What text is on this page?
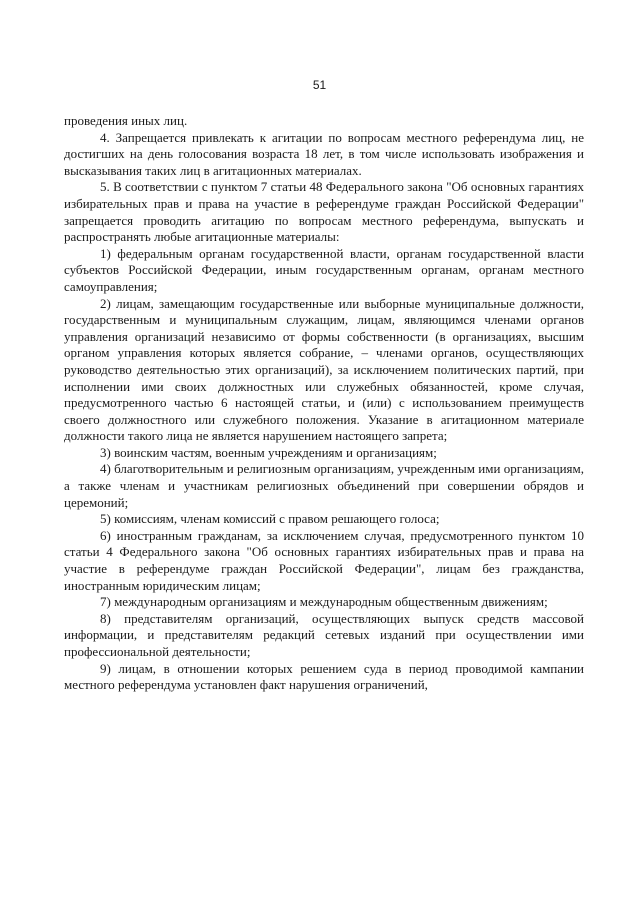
51

проведения иных лиц.

4. Запрещается привлекать к агитации по вопросам местного референдума лиц, не достигших на день голосования возраста 18 лет, в том числе использовать изображения и высказывания таких лиц в агитационных материалах.

5. В соответствии с пунктом 7 статьи 48 Федерального закона "Об основных гарантиях избирательных прав и права на участие в референдуме граждан Российской Федерации" запрещается проводить агитацию по вопросам местного референдума, выпускать и распространять любые агитационные материалы:

1) федеральным органам государственной власти, органам государственной власти субъектов Российской Федерации, иным государственным органам, органам местного самоуправления;

2) лицам, замещающим государственные или выборные муниципальные должности, государственным и муниципальным служащим, лицам, являющимся членами органов управления организаций независимо от формы собственности (в организациях, высшим органом управления которых является собрание, – членами органов, осуществляющих руководство деятельностью этих организаций), за исключением политических партий, при исполнении ими своих должностных или служебных обязанностей, кроме случая, предусмотренного частью 6 настоящей статьи, и (или) с использованием преимуществ своего должностного или служебного положения. Указание в агитационном материале должности такого лица не является нарушением настоящего запрета;

3) воинским частям, военным учреждениям и организациям;

4) благотворительным и религиозным организациям, учрежденным ими организациям, а также членам и участникам религиозных объединений при совершении обрядов и церемоний;

5) комиссиям, членам комиссий с правом решающего голоса;

6) иностранным гражданам, за исключением случая, предусмотренного пунктом 10 статьи 4 Федерального закона "Об основных гарантиях избирательных прав и права на участие в референдуме граждан Российской Федерации", лицам без гражданства, иностранным юридическим лицам;

7) международным организациям и международным общественным движениям;

8) представителям организаций, осуществляющих выпуск средств массовой информации, и представителям редакций сетевых изданий при осуществлении ими профессиональной деятельности;

9) лицам, в отношении которых решением суда в период проводимой кампании местного референдума установлен факт нарушения ограничений,
